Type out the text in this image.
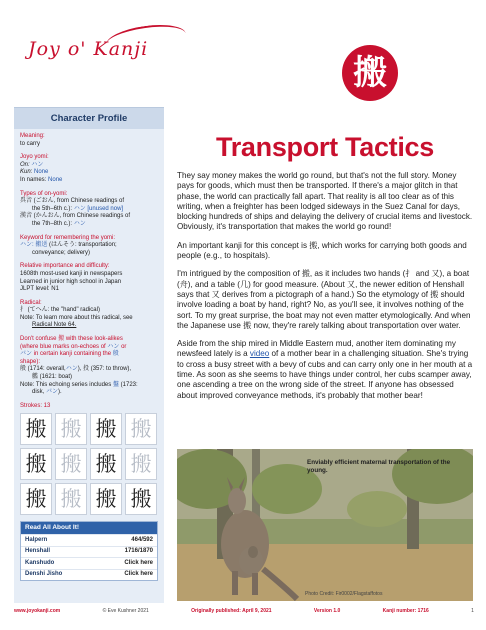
Joy o' Kanji
搬
Character Profile
Meaning:
to carry
Joyo yomi:
On: ハン
Kun: None
In names: None
Types of on-yomi:
呉音 (ごおん, from Chinese readings of
the 5th–6th c.): ハン [unused now]
漢音 (かんおん, from Chinese readings of
the 7th–8th c.): ハン
Keyword for remembering the yomi:
ハン: 搬送 (はんそう: transportation;
conveyance; delivery)
Relative importance and difficulty:
1608th most-used kanji in newspapers
Learned in junior high school in Japan
JLPT level: N1
Radical:
扌 (てへん: the "hand" radical)
Note: To learn more about this radical, see
Radical Note 64.
Don't confuse 搬 with these look-alikes
(where blue marks on-echoes of ハン or
バン in certain kanji containing the 般
shape):
般 (1714: overall,ハン), 投 (357: to throw),
艦 (1621: boat)
Note: This echoing series includes 盤 (1723:
disk, バン).
Strokes: 13
搬 搬 搬 搬
搬 搬 搬 搬
搬 搬 搬 搬
Read All About It!
Halpern	464/592
Henshall	1716/1870
Kanshudo	Click here
Denshi Jisho	Click here
Transport Tactics

They say money makes the world go round, but that's not the full story. Money pays for goods, which must then be transported. If there's a major glitch in that phase, the world can practically fall apart. That reality is all too clear as of this writing, when a freighter has been lodged sideways in the Suez Canal for days, blocking hundreds of ships and delaying the delivery of crucial items and livestock. Obviously, it's transportation that makes the world go round!

An important kanji for this concept is 搬, which works for carrying both goods and people (e.g., to hospitals).

I'm intrigued by the composition of 搬, as it includes two hands (扌 and 又), a boat (舟), and a table (几) for good measure. (About 又, the newer edition of Henshall says that 又 derives from a pictograph of a hand.) So the etymology of 搬 should involve loading a boat by hand, right? No, as you'll see, it involves nothing of the sort. To my great surprise, the boat may not even matter etymologically. And when the Japanese use 搬 now, they're rarely talking about transportation over water.

Aside from the ship mired in Middle Eastern mud, another item dominating my newsfeed lately is a video of a mother bear in a challenging situation. She's trying to cross a busy street with a bevy of cubs and can carry only one in her mouth at a time. As soon as she seems to have things under control, her cubs scamper away, one ascending a tree on the wrong side of the street. If anyone has obsessed about improved conveyance methods, it's probably that mother bear!

Enviably efficient maternal transportation of the young.
Photo Credit: Fir0002/Flagstaffotos
www.joyokanji.com	© Eve Kushner 2021	Originally published: April 9, 2021	Version 1.0	Kanji number: 1716	1
